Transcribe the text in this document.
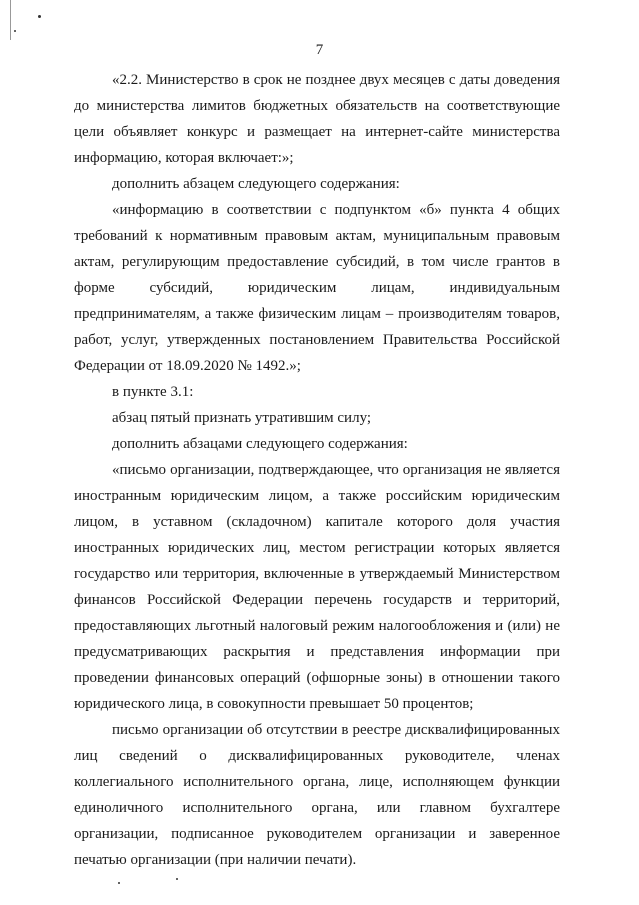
7
«2.2. Министерство в срок не позднее двух месяцев с даты доведения
до министерства лимитов бюджетных обязательств на соответствующие
цели объявляет конкурс и размещает на интернет-сайте министерства
информацию, которая включает:»;
дополнить абзацем следующего содержания:
«информацию в соответствии с подпунктом «б» пункта 4 общих
требований к нормативным правовым актам, муниципальным правовым
актам, регулирующим предоставление субсидий, в том числе грантов в
форме субсидий, юридическим лицам, индивидуальным
предпринимателям, а также физическим лицам – производителям товаров,
работ, услуг, утвержденных постановлением Правительства Российской
Федерации от 18.09.2020 № 1492.»;
в пункте 3.1:
абзац пятый признать утратившим силу;
дополнить абзацами следующего содержания:
«письмо организации, подтверждающее, что организация не является
иностранным юридическим лицом, а также российским юридическим
лицом, в уставном (складочном) капитале которого доля участия
иностранных юридических лиц, местом регистрации которых является
государство или территория, включенные в утверждаемый Министерством
финансов Российской Федерации перечень государств и территорий,
предоставляющих льготный налоговый режим налогообложения и (или) не
предусматривающих раскрытия и представления информации при
проведении финансовых операций (офшорные зоны) в отношении такого
юридического лица, в совокупности превышает 50 процентов;
письмо организации об отсутствии в реестре дисквалифицированных
лиц сведений о дисквалифицированных руководителе, членах
коллегиального исполнительного органа, лице, исполняющем функции
единоличного исполнительного органа, или главном бухгалтере
организации, подписанное руководителем организации и заверенное
печатью организации (при наличии печати).
